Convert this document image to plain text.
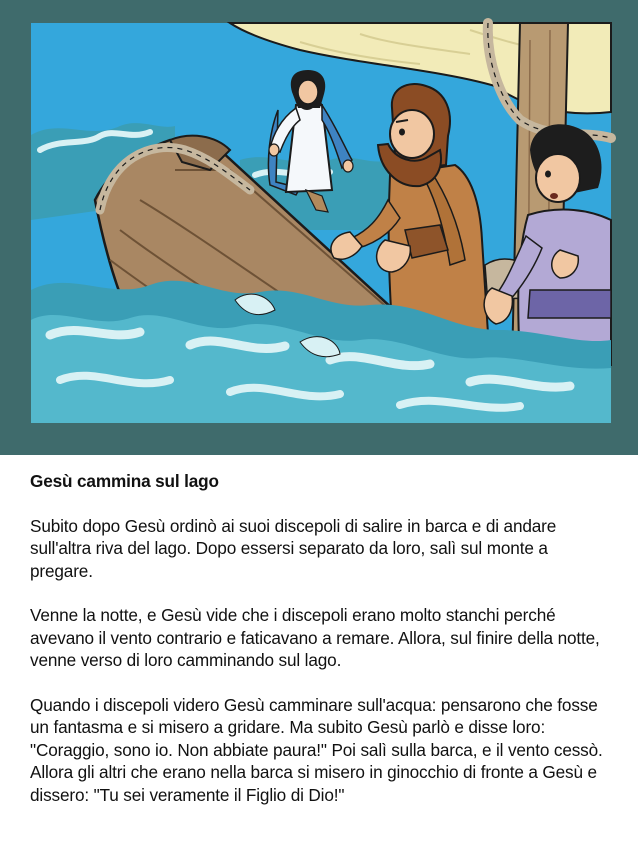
Gesù cammina sul lago

Subito dopo Gesù ordinò ai suoi discepoli di salire in barca e di andare sull'altra riva del lago. Dopo essersi separato da loro, salì sul monte a pregare.

Venne la notte, e Gesù vide che i discepoli erano molto stanchi perché avevano il vento contrario e faticavano a remare. Allora, sul finire della notte, venne verso di loro camminando sul lago.

Quando i discepoli videro Gesù camminare sull'acqua: pensarono che fosse un fantasma e si misero a gridare. Ma subito Gesù parlò e disse loro: "Coraggio, sono io. Non abbiate paura!" Poi salì sulla barca, e il vento cessò. Allora gli altri che erano nella barca si misero in ginocchio di fronte a Gesù e dissero: "Tu sei veramente il Figlio di Dio!"
